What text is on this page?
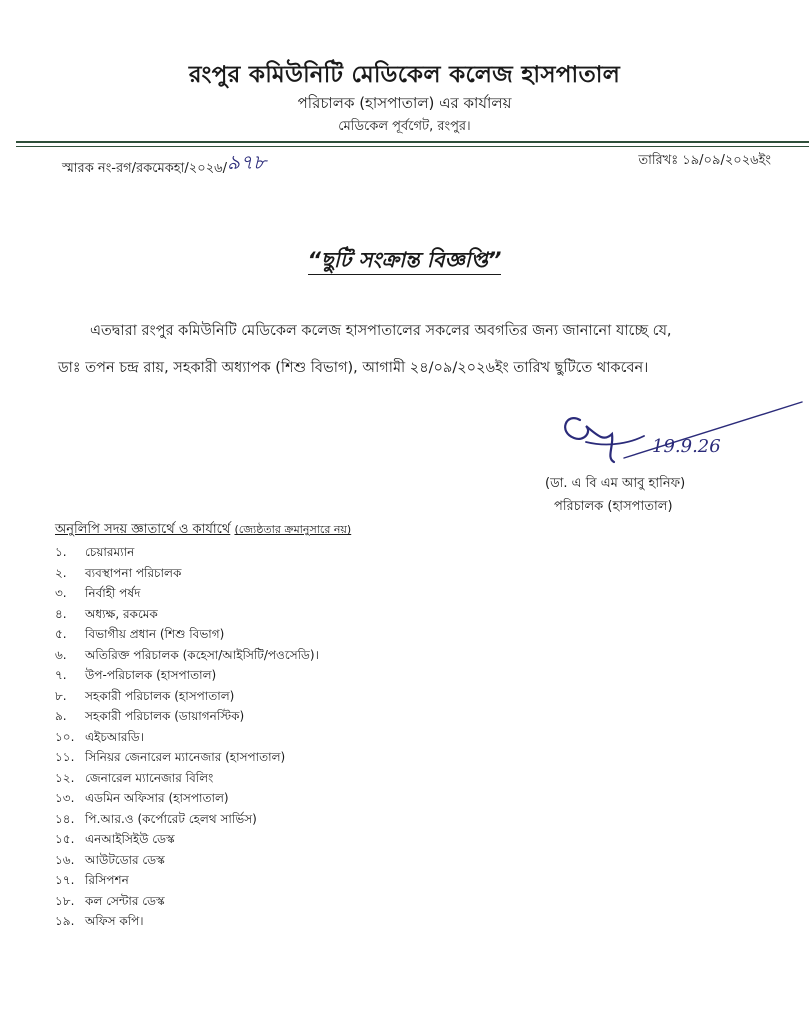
রংপুর কমিউনিটি মেডিকেল কলেজ হাসপাতাল
পরিচালক (হাসপাতাল) এর কার্যালয়
মেডিকেল পূর্বগেট, রংপুর।
স্মারক নং-রগ/রকমেকহা/২০২৬/৯৭৮	তারিখঃ ১৯/০৯/২০২৬ইং
“ছুটি সংক্রান্ত বিজ্ঞপ্তি”
এতদ্বারা রংপুর কমিউনিটি মেডিকেল কলেজ হাসপাতালের সকলের অবগতির জন্য জানানো যাচ্ছে যে,
ডাঃ তপন চন্দ্র রায়, সহকারী অধ্যাপক (শিশু বিভাগ), আগামী ২৪/০৯/২০২৬ইং তারিখ ছুটিতে থাকবেন।
19.9.26
(ডা. এ বি এম আবু হানিফ)
পরিচালক (হাসপাতাল)
অনুলিপি সদয় জ্ঞাতার্থে ও কার্যার্থে (জ্যেষ্ঠতার ক্রমানুসারে নয়)
১. চেয়ারম্যান
২. ব্যবস্থাপনা পরিচালক
৩. নির্বাহী পর্ষদ
৪. অধ্যক্ষ, রকমেক
৫. বিভাগীয় প্রধান (শিশু বিভাগ)
৬. অতিরিক্ত পরিচালক (কহেসা/আইসিটি/পওসেডি)।
৭. উপ-পরিচালক (হাসপাতাল)
৮. সহকারী পরিচালক (হাসপাতাল)
৯. সহকারী পরিচালক (ডায়াগনস্টিক)
১০. এইচআরডি।
১১. সিনিয়র জেনারেল ম্যানেজার (হাসপাতাল)
১২. জেনারেল ম্যানেজার বিলিং
১৩. এডমিন অফিসার (হাসপাতাল)
১৪. পি.আর.ও (কর্পোরেট হেলথ সার্ভিস)
১৫. এনআইসিইউ ডেস্ক
১৬. আউটডোর ডেস্ক
১৭. রিসিপশন
১৮. কল সেন্টার ডেস্ক
১৯. অফিস কপি।
